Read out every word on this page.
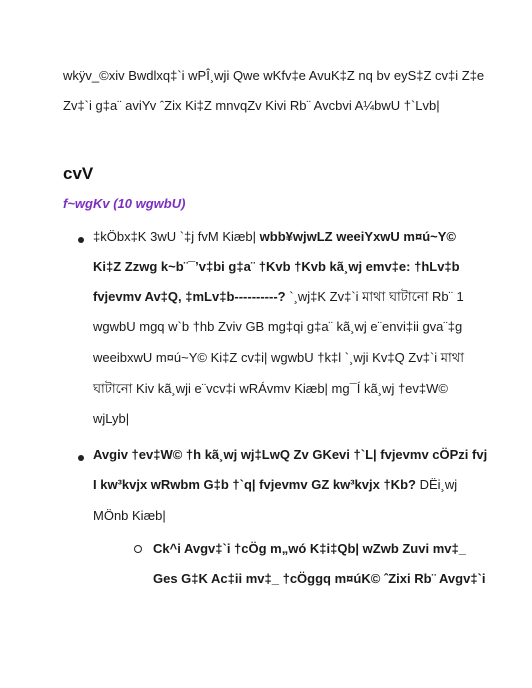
wkÿv_©xiv Bwdlxq‡`i wPÎ¸wji Qwe wKfv‡e AvuK‡Z nq bv eyS‡Z cv‡i Z‡e
Zv‡`i g‡a¨ aviYv ˆZix Ki‡Z mnvqZv Kivi Rb¨ Avcbvi A¼bwU †`Lvb|
cvV
f~wgKv (10 wgwbU)
‡kÖbx‡K 3wU `‡j fvM Kiæb| wbb¥wjwLZ weeiYxwU m¤ú~Y©
Ki‡Z Zzwg k~b¨¯’v‡bi g‡a¨ †Kvb †Kvb kã¸wj emv‡e: †hLv‡b
fvjevmv Av‡Q, ‡mLv‡b----------? `¸wj‡K Zv‡`i মাথা ঘাটানো Rb¨ 1
wgwbU mgq w`b †hb Zviv GB mg‡qi g‡a¨ kã¸wj e¨envi‡ii gva¨‡g
weeibxwU m¤ú~Y© Ki‡Z cv‡i| wgwbU †k‡l `¸wji Kv‡Q Zv‡`i মাথা
ঘাটানো Kiv kã¸wji e¨vcv‡i wRÁvmv Kiæb| mg¯Í kã¸wj †ev‡W©
wjLyb|
Avgiv †ev‡W© †h kã¸wj wj‡LwQ Zv GKevi †`L| fvjevmv cÖPzi fvj
I kw³kvjx wRwbm G‡b †`q| fvjevmv GZ kw³kvjx †Kb? DËi¸wj
MÖnb Kiæb|
Ck^i Avgv‡`i †cÖg m„wó K‡i‡Qb| wZwb Zuvi mv‡_
Ges G‡K Ac‡ii mv‡_ †cÖggq m¤úK© ˆZixi Rb¨ Avgv‡`i
